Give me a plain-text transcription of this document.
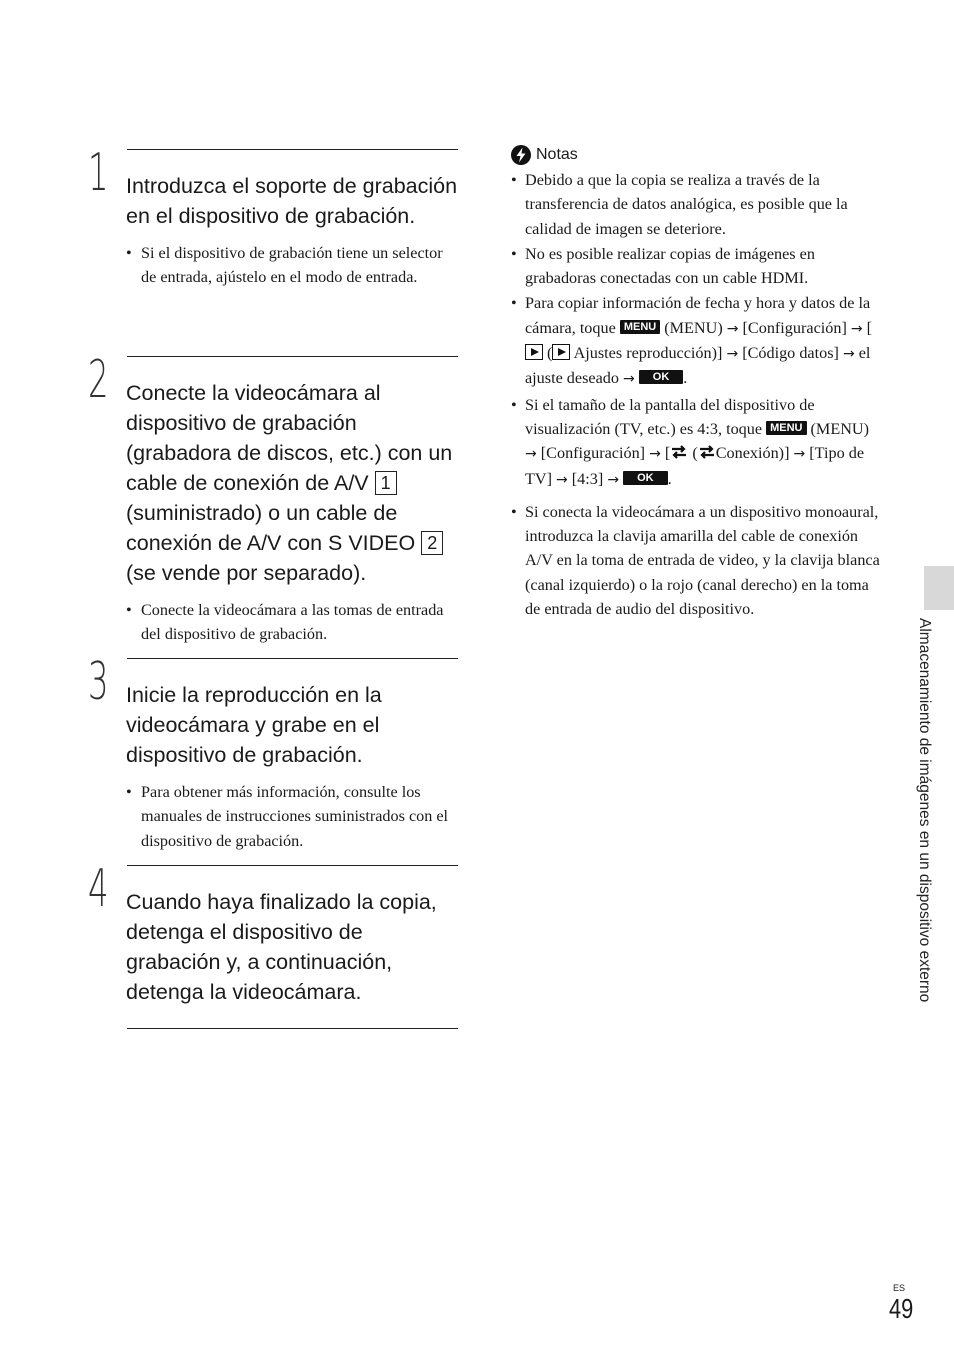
1 Introduzca el soporte de grabación en el dispositivo de grabación.
• Si el dispositivo de grabación tiene un selector de entrada, ajústelo en el modo de entrada.
2 Conecte la videocámara al dispositivo de grabación (grabadora de discos, etc.) con un cable de conexión de A/V 1 (suministrado) o un cable de conexión de A/V con S VIDEO 2 (se vende por separado).
• Conecte la videocámara a las tomas de entrada del dispositivo de grabación.
3 Inicie la reproducción en la videocámara y grabe en el dispositivo de grabación.
• Para obtener más información, consulte los manuales de instrucciones suministrados con el dispositivo de grabación.
4 Cuando haya finalizado la copia, detenga el dispositivo de grabación y, a continuación, detenga la videocámara.
Notas
• Debido a que la copia se realiza a través de la transferencia de datos analógica, es posible que la calidad de imagen se deteriore.
• No es posible realizar copias de imágenes en grabadoras conectadas con un cable HDMI.
• Para copiar información de fecha y hora y datos de la cámara, toque MENU (MENU) → [Configuración] → [ ( Ajustes reproducción)] → [Código datos] → el ajuste deseado → OK .
• Si el tamaño de la pantalla del dispositivo de visualización (TV, etc.) es 4:3, toque MENU (MENU) → [Configuración] → [ ( Conexión)] → [Tipo de TV] → [4:3] → OK .
• Si conecta la videocámara a un dispositivo monoaural, introduzca la clavija amarilla del cable de conexión A/V en la toma de entrada de video, y la clavija blanca (canal izquierdo) o la rojo (canal derecho) en la toma de entrada de audio del dispositivo.
Almacenamiento de imágenes en un dispositivo externo
ES
49
